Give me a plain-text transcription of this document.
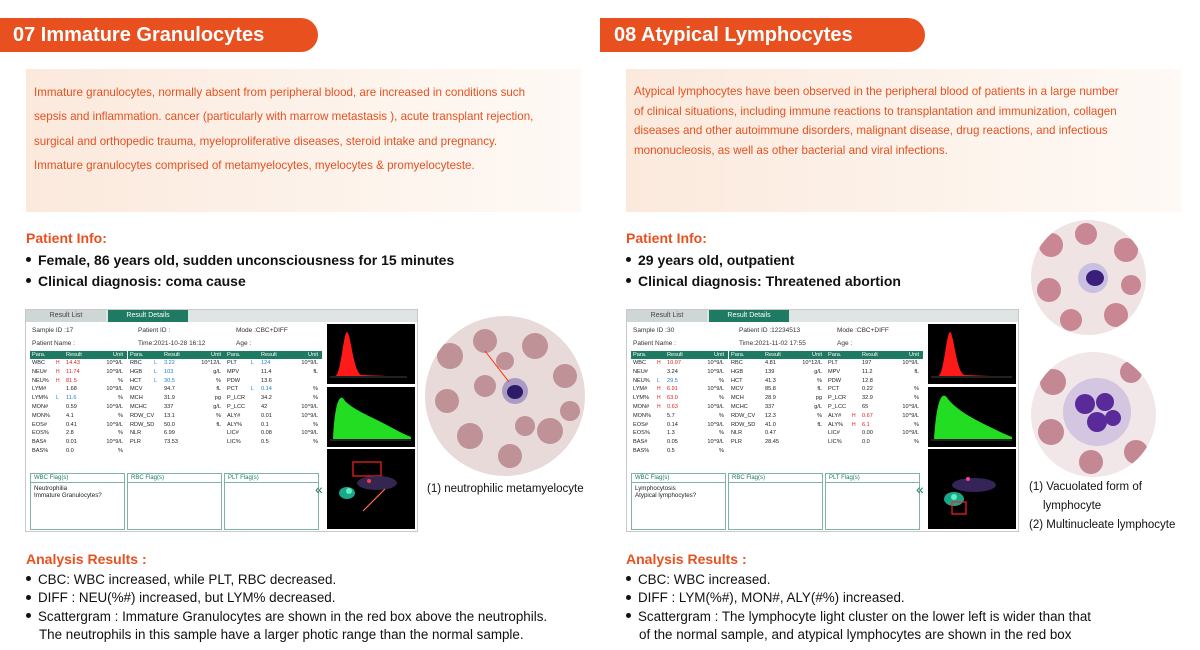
07 Immature Granulocytes
Immature granulocytes, normally absent from peripheral blood, are increased in conditions such
sepsis and inflammation. cancer (particularly with marrow metastasis ), acute transplant rejection,
surgical and orthopedic trauma, myeloproliferative diseases, steroid intake and pregnancy.
Immature granulocytes comprised of metamyelocytes, myelocytes & promyelocyteste.
Patient Info:
Female, 86 years old, sudden unconsciousness for 15 minutes
Clinical diagnosis: coma cause
Result List	Result Details
Sample ID :17	Patient ID :	Mode :CBC+DIFF
Patient Name :	Time:2021-10-28 16:12	Age :
Para.	Result	Unit
WBC	H	14.43	10^9/L
NEU#	H	11.74	10^9/L
NEU%	H	81.5	%
LYM#	1.68	10^9/L
LYM%	L	11.6	%
MON#	0.59	10^9/L
MON%	4.1	%
EOS#	0.41	10^9/L
EOS%	2.8	%
BAS#	0.01	10^9/L
BAS%	0.0	%
Para.	Result	Unit
RBC	L	3.22	10^12/L
HGB	L	103	g/L
HCT	L	30.5	%
MCV	94.7	fL
MCH	31.9	pg
MCHC	337	g/L
RDW_CV 13.1	%
RDW_SD 50.0	fL
NLR	6.99
PLR	73.53
Para.	Result	Unit
PLT	L	124	10^9/L
MPV	11.4	fL
PDW	13.6
PCT	L	0.14	%
P_LCR	34.2	%
P_LCC	42	10^9/L
ALY#	0.01	10^9/L
ALY%	0.1	%
LIC#	0.08	10^9/L
LIC%	0.5	%
WBC Flag(s)
Neutrophilia
Immature Granulocytes?
RBC Flag(s)	PLT Flag(s)
«	(1) neutrophilic metamyelocyte
Analysis Results :

CBC: WBC increased, while PLT, RBC decreased.

DIFF : NEU(%#) increased, but LYM% decreased.

Scattergram : Immature Granulocytes are shown in the red box above the neutrophils.

The neutrophils in this sample have a larger photic range than the normal sample.

08 Atypical Lymphocytes
Atypical lymphocytes have been observed in the peripheral blood of patients in a large number
of clinical situations, including immune reactions to transplantation and immunization, collagen
diseases and other autoimmune disorders, malignant disease, drug reactions, and infectious
mononucleosis, as well as other bacterial and viral infections.
Patient Info:
29 years old, outpatient
Clinical diagnosis: Threatened abortion
Result List	Result Details
Sample ID :30	Patient ID :12234513	Mode :CBC+DIFF
Patient Name :	Time:2021-11-02 17:55	Age :
Para.	Result	Unit
WBC	H	10.97	10^9/L
NEU#	3.24	10^9/L
NEU%	L	29.5	%
LYM#	H	6.91	10^9/L
LYM%	H	63.0	%
MON#	H	0.63	10^9/L
MON%	5.7	%
EOS#	0.14	10^9/L
EOS%	1.3	%
BAS#	0.05	10^9/L
BAS%	0.5	%
Para.	Result	Unit
RBC	4.81	10^12/L
HGB	139	g/L
HCT	41.3	%
MCV	85.8	fL
MCH	28.9	pg
MCHC	337	g/L
RDW_CV 12.3	%
RDW_SD 41.0	fL
NLR	0.47
PLR	28.45
Para.	Result	Unit
PLT	197	10^9/L
MPV	11.2	fL
PDW	12.8
PCT	0.22	%
P_LCR	32.9	%
P_LCC	65	10^9/L
ALY#	H	0.67	10^9/L
ALY%	H	6.1	%
LIC#	0.00	10^9/L
LIC%	0.0	%
WBC Flag(s)
Lymphocytosis
Atypical lymphocytes?
RBC Flag(s)	PLT Flag(s)
«	(1) Vacuolated form of
lymphocyte
(2) Multinucleate lymphocyte
Analysis Results :

CBC: WBC increased.

DIFF : LYM(%#), MON#, ALY(#%) increased.

Scattergram : The lymphocyte light cluster on the lower left is wider than that

of the normal sample, and atypical lymphocytes are shown in the red box
